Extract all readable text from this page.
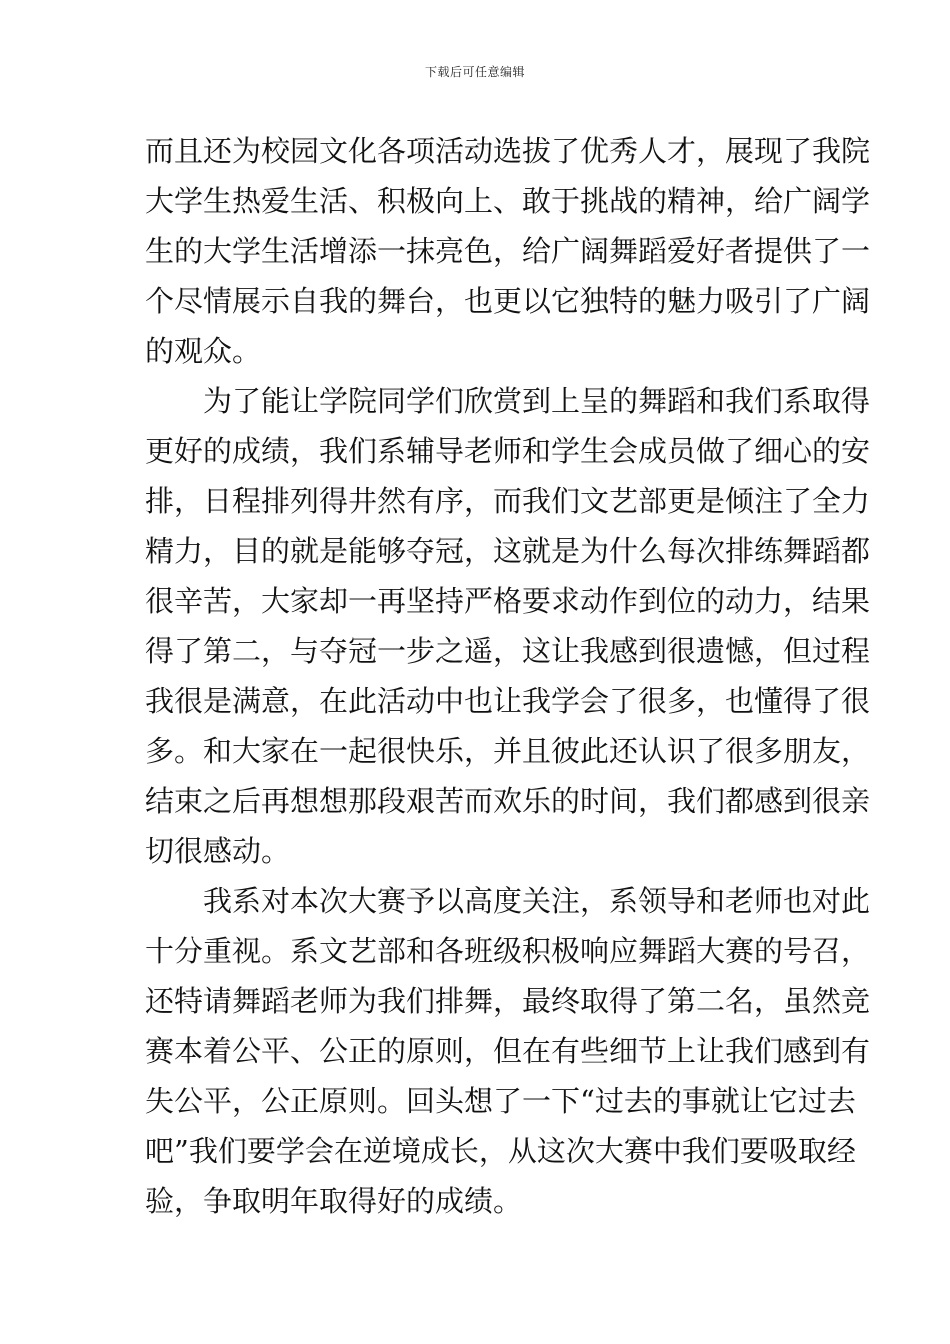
下载后可任意编辑
而且还为校园文化各项活动选拔了优秀人才，展现了我院
大学生热爱生活、积极向上、敢于挑战的精神，给广阔学
生的大学生活增添一抹亮色，给广阔舞蹈爱好者提供了一
个尽情展示自我的舞台，也更以它独特的魅力吸引了广阔
的观众。
为了能让学院同学们欣赏到上呈的舞蹈和我们系取得
更好的成绩，我们系辅导老师和学生会成员做了细心的安
排，日程排列得井然有序，而我们文艺部更是倾注了全力
精力，目的就是能够夺冠，这就是为什么每次排练舞蹈都
很辛苦，大家却一再坚持严格要求动作到位的动力，结果
得了第二，与夺冠一步之遥，这让我感到很遗憾，但过程
我很是满意，在此活动中也让我学会了很多，也懂得了很
多。和大家在一起很快乐，并且彼此还认识了很多朋友，
结束之后再想想那段艰苦而欢乐的时间，我们都感到很亲
切很感动。
我系对本次大赛予以高度关注，系领导和老师也对此
十分重视。系文艺部和各班级积极响应舞蹈大赛的号召，
还特请舞蹈老师为我们排舞，最终取得了第二名，虽然竞
赛本着公平、公正的原则，但在有些细节上让我们感到有
失公平，公正原则。回头想了一下“过去的事就让它过去
吧”我们要学会在逆境成长，从这次大赛中我们要吸取经
验，争取明年取得好的成绩。
